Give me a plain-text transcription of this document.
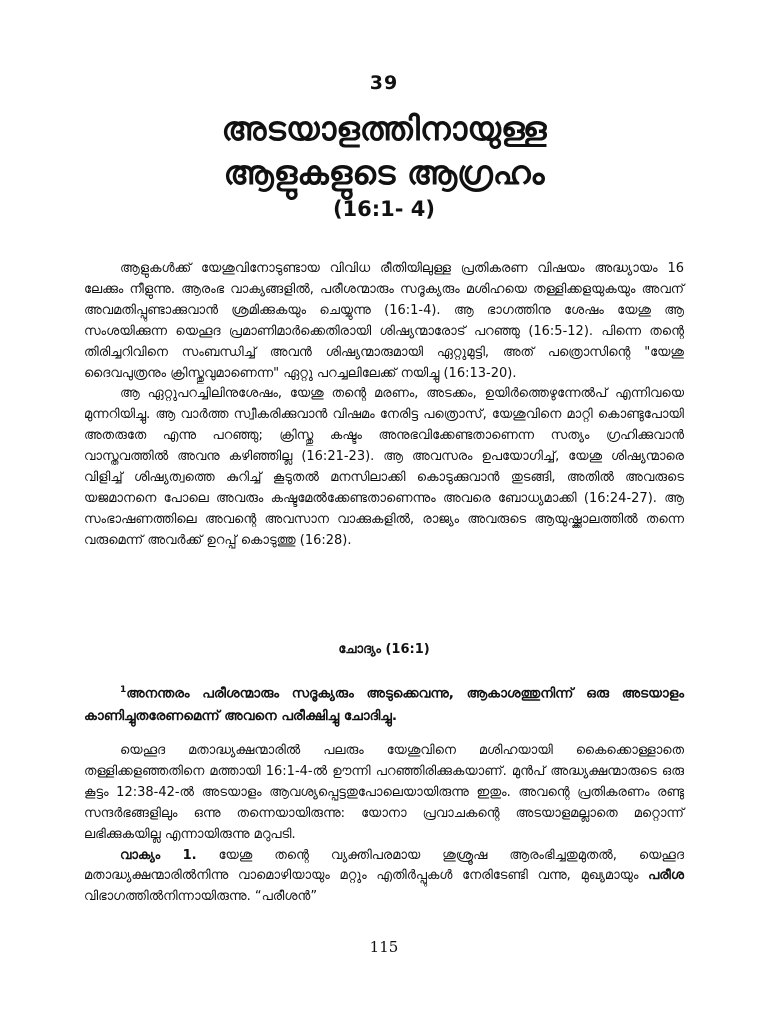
39
അടയാളത്തിനായുള്ള
ആളുകളുടെ ആഗ്രഹം
(16:1- 4)

ആളുകൾക്ക് യേശുവിനോടുണ്ടായ വിവിധ രീതിയിലുള്ള പ്രതികരണ വിഷയം അദ്ധ്യായം 16 ലേക്കും നീളുന്നു. ആരംഭ വാക്യങ്ങളിൽ, പരീശന്മാരും സദൂക്യരും മശിഹയെ തള്ളിക്കളയുകയും അവന് അവമതിപ്പുണ്ടാക്കുവാൻ ശ്രമിക്കുകയും ചെയ്യുന്നു (16:1-4). ആ ഭാഗത്തിനു ശേഷം യേശു ആ സംശയിക്കുന്ന യെഹൂദ പ്രമാണിമാർക്കെതിരായി ശിഷ്യന്മാരോട് പറഞ്ഞു (16:5-12). പിന്നെ തന്റെ തിരിച്ചറിവിനെ സംബന്ധിച്ച് അവൻ ശിഷ്യന്മാരുമായി ഏറ്റുമുട്ടി, അത് പത്രൊസിന്റെ "യേശു ദൈവപുത്രനും ക്രിസ്തുവുമാണെന്ന" ഏറ്റു പറച്ചലിലേക്ക് നയിച്ചു (16:13-20).

ആ ഏറ്റുപറച്ചിലിനുശേഷം, യേശു തന്റെ മരണം, അടക്കം, ഉയിർത്തെഴുന്നേൽപ് എന്നിവയെ മുന്നറിയിച്ചു. ആ വാർത്ത സ്വീകരിക്കുവാൻ വിഷമം നേരിട്ട പത്രൊസ്, യേശുവിനെ മാറ്റി കൊണ്ടുപോയി അതരുതേ എന്നു പറഞ്ഞു; ക്രിസ്തു കഷ്ടം അനുഭവിക്കേണ്ടതാണെന്ന സത്യം ഗ്രഹിക്കുവാൻ വാസ്തവത്തിൽ അവനു കഴിഞ്ഞില്ല (16:21-23). ആ അവസരം ഉപയോഗിച്ച്, യേശു ശിഷ്യന്മാരെ വിളിച്ച് ശിഷ്യത്വത്തെ കുറിച്ച് കൂടുതൽ മനസിലാക്കി കൊടുക്കുവാൻ തുടങ്ങി, അതിൽ അവരുടെ യജമാനനെ പോലെ അവരും കഷ്ടമേൽക്കേണ്ടതാണെന്നും അവരെ ബോധ്യമാക്കി (16:24-27). ആ സംഭാഷണത്തിലെ അവന്റെ അവസാന വാക്കുകളിൽ, രാജ്യം അവരുടെ ആയുഷ്ക്കാലത്തിൽ തന്നെ വരുമെന്ന് അവർക്ക് ഉറപ്പ് കൊടുത്തു (16:28).

ചോദ്യം (16:1)
$^1$അനന്തരം പരീശന്മാരും സദൂക്യരും അടുക്കെവന്നു, ആകാശത്തുനിന്ന് ഒരു അടയാളം കാണിച്ചുതരേണമെന്ന് അവനെ പരീക്ഷിച്ചു ചോദിച്ചു.

യെഹൂദ മതാദ്ധ്യക്ഷന്മാരിൽ പലരും യേശുവിനെ മശിഹയായി കൈക്കൊള്ളാതെ തള്ളിക്കളഞ്ഞതിനെ മത്തായി 16:1-4-ൽ ഊന്നി പറഞ്ഞിരിക്കുകയാണ്. മുൻപ് അദ്ധ്യക്ഷന്മാരുടെ ഒരു കൂട്ടം 12:38-42-ൽ അടയാളം ആവശ്യപ്പെട്ടതുപോലെയായിരുന്നു ഇതും. അവന്റെ പ്രതികരണം രണ്ടു സന്ദർഭങ്ങളിലും ഒന്നു തന്നെയായിരുന്നു: യോനാ പ്രവാചകന്റെ അടയാളമല്ലാതെ മറ്റൊന്ന് ലഭിക്കുകയില്ല എന്നായിരുന്നു മറുപടി.

വാക്യം 1. യേശു തന്റെ വ്യക്തിപരമായ ശുശ്രൂഷ ആരംഭിച്ചതുമുതൽ, യെഹൂദ മതാദ്ധ്യക്ഷന്മാരിൽനിന്നു വാമൊഴിയായും മറ്റും എതിർപ്പുകൾ നേരിടേണ്ടി വന്നു, മുഖ്യമായും പരീശ വിഭാഗത്തിൽനിന്നായിരുന്നു. “പരീശൻ”

115
